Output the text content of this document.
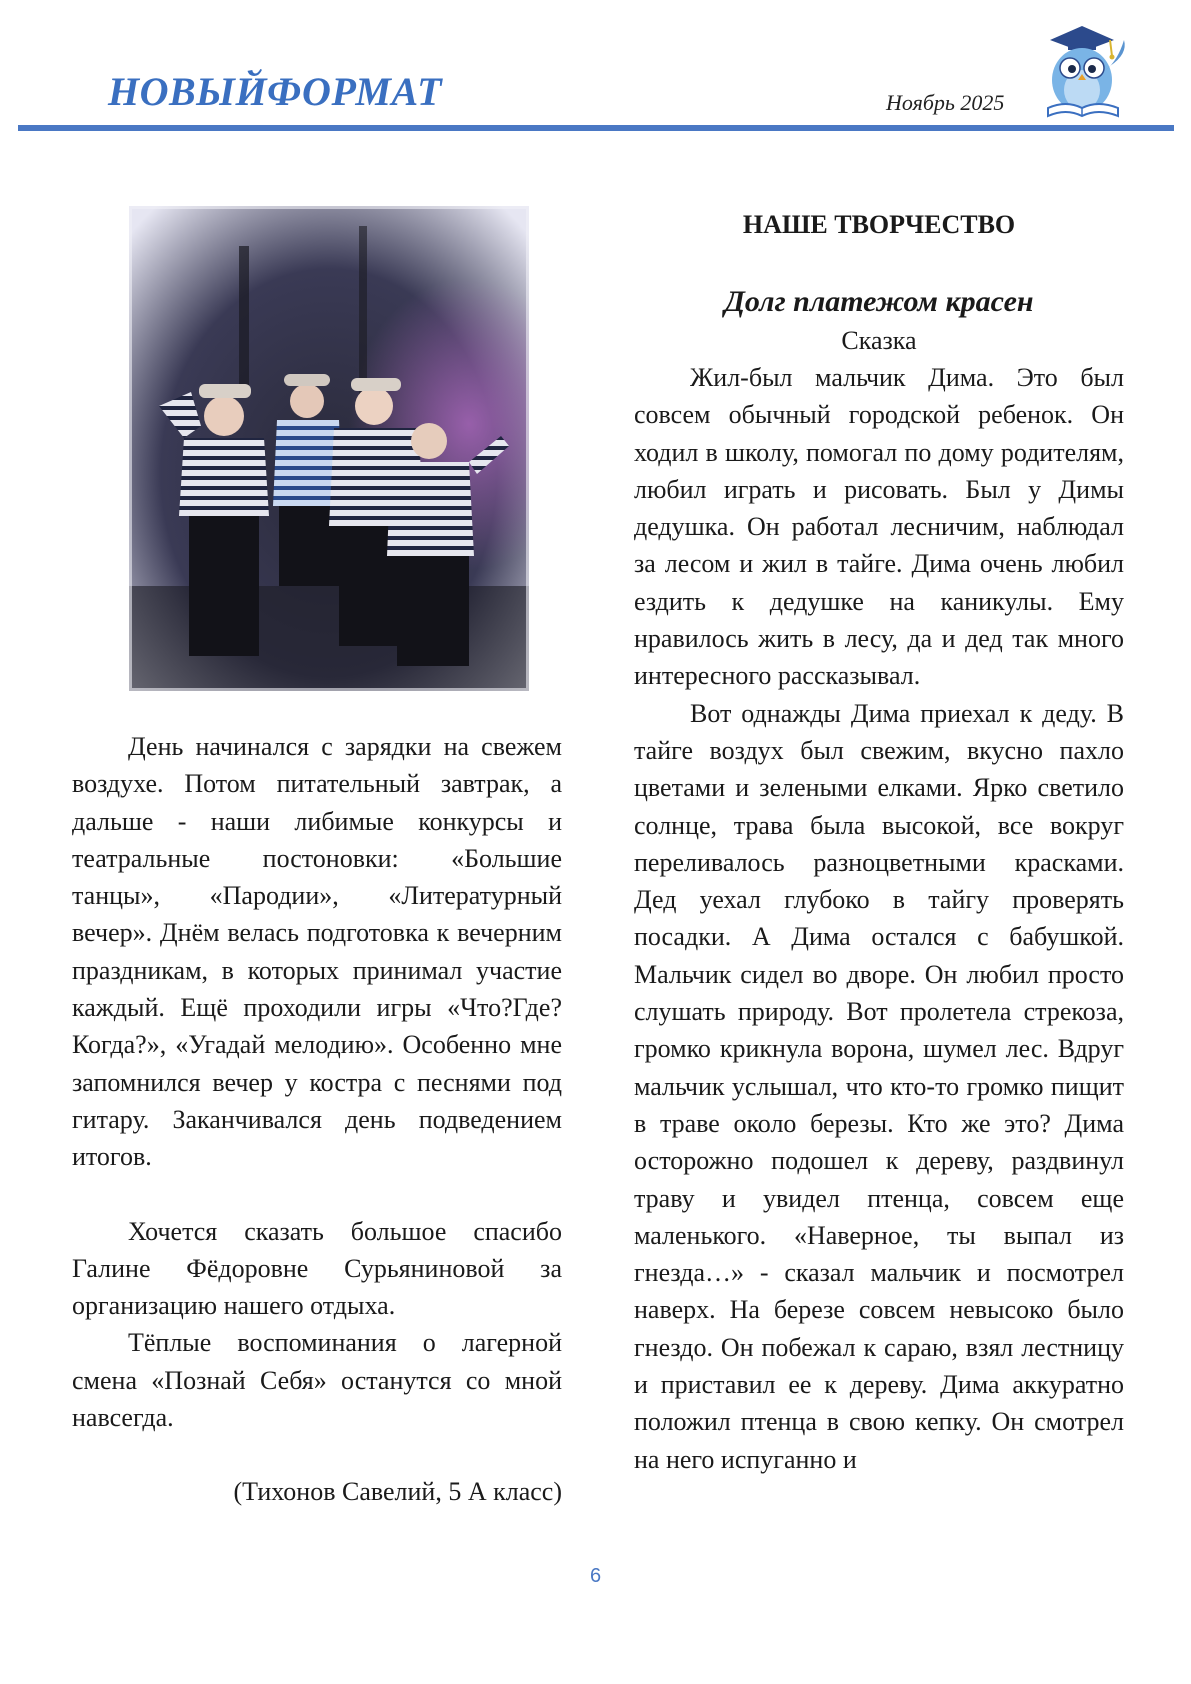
НОВЫЙФОРМАТ	Ноябрь 2025

День начинался с зарядки на свежем воздухе. Потом питательный завтрак, а дальше - наши либимые конкурсы и театральные постоновки: «Большие танцы», «Пародии», «Литературный вечер». Днём велась подготовка к вечерним праздникам, в которых принимал участие каждый. Ещё проходили игры «Что?Где? Когда?», «Угадай мелодию». Особенно мне запомнился вечер у костра с песнями под гитару. Заканчивался день подведением итогов.

Хочется сказать большое спасибо Галине Фёдоровне Сурьяниновой за организацию нашего отдыха.

Тёплые воспоминания о лагерной смена «Познай Себя» останутся со мной навсегда.

(Тихонов Савелий, 5 А класс)

НАШЕ ТВОРЧЕСТВО
Долг платежом красен
Сказка

Жил-был мальчик Дима. Это был совсем обычный городской ребенок. Он ходил в школу, помогал по дому родителям, любил играть и рисовать. Был у Димы дедушка. Он работал лесничим, наблюдал за лесом и жил в тайге. Дима очень любил ездить к дедушке на каникулы. Ему нравилось жить в лесу, да и дед так много интересного рассказывал.

Вот однажды Дима приехал к деду. В тайге воздух был свежим, вкусно пахло цветами и зелеными елками. Ярко светило солнце, трава была высокой, все вокруг переливалось разноцветными красками. Дед уехал глубоко в тайгу проверять посадки. А Дима остался с бабушкой. Мальчик сидел во дворе. Он любил просто слушать природу. Вот пролетела стрекоза, громко крикнула ворона, шумел лес. Вдруг мальчик услышал, что кто-то громко пищит в траве около березы. Кто же это? Дима осторожно подошел к дереву, раздвинул траву и увидел птенца, совсем еще маленького. «Наверное, ты выпал из гнезда…» - сказал мальчик и посмотрел наверх. На березе совсем невысоко было гнездо. Он побежал к сараю, взял лестницу и приставил ее к дереву. Дима аккуратно положил птенца в свою кепку. Он смотрел на него испуганно и

6
